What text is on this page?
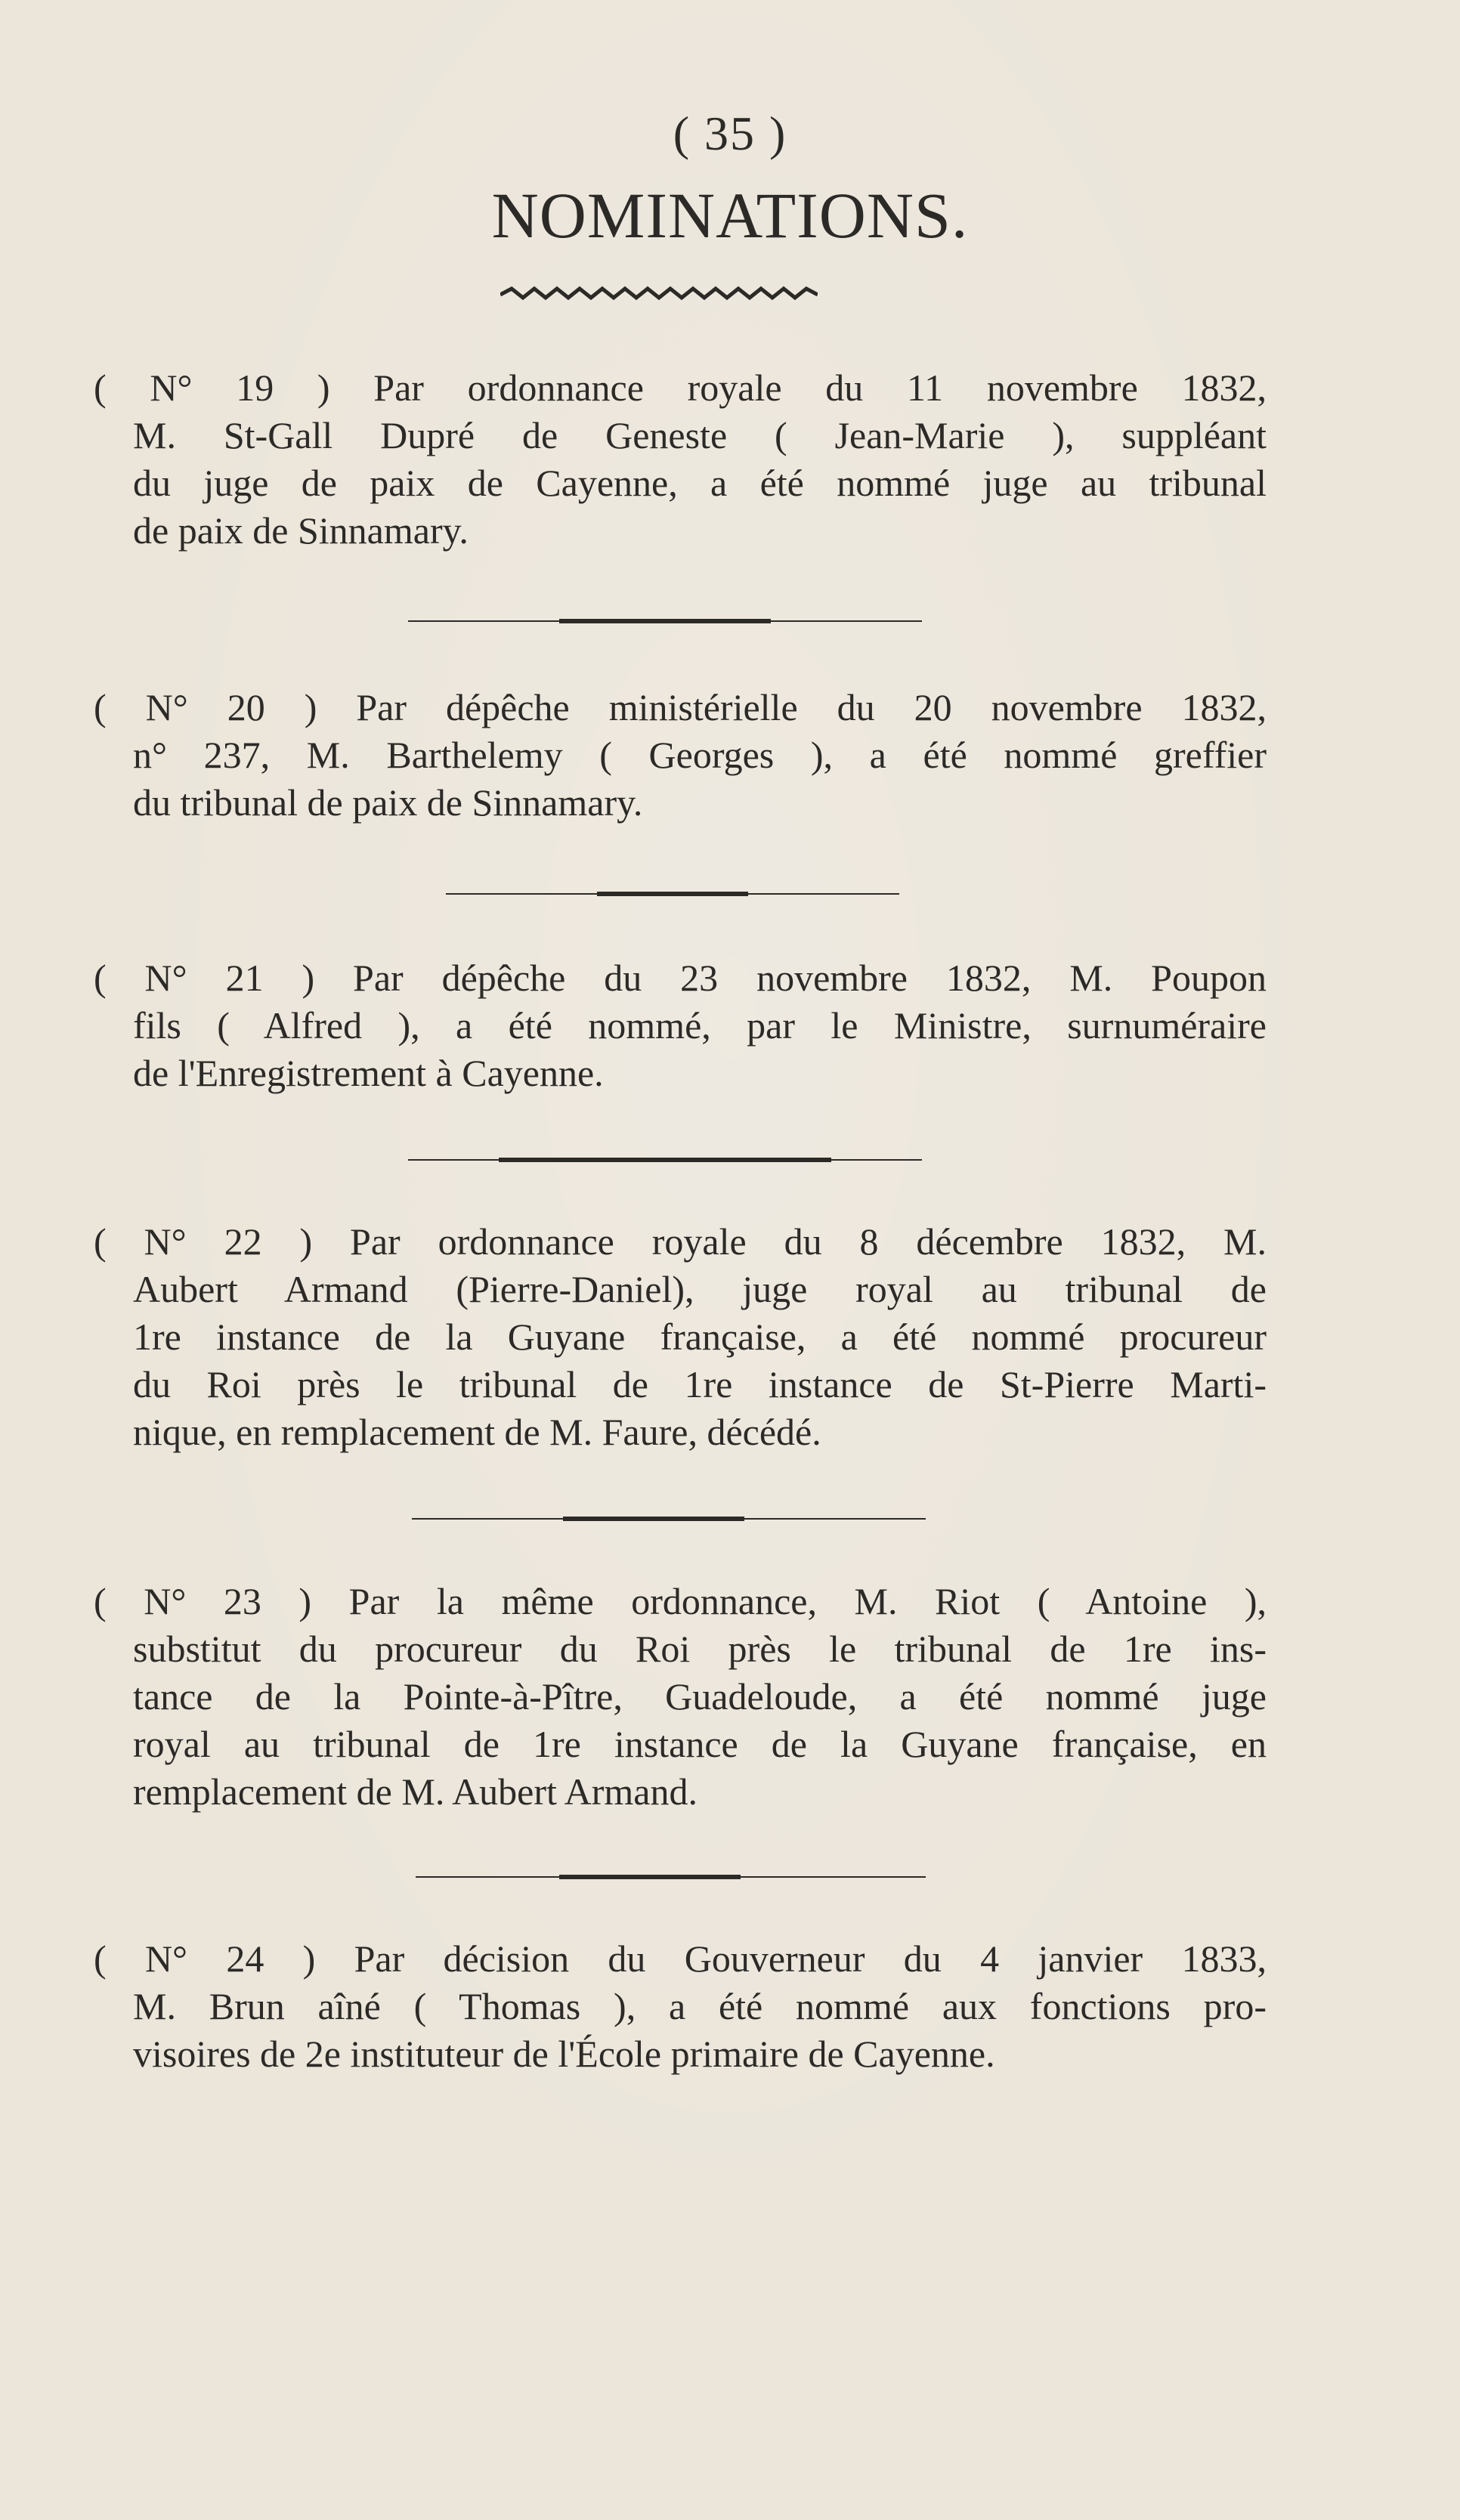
( 35 )
NOMINATIONS.
( N° 19 ) Par ordonnance royale du 11 novembre 1832,
M. St-Gall Dupré de Geneste ( Jean-Marie ), suppléant
du juge de paix de Cayenne, a été nommé juge au tribunal
de paix de Sinnamary.
( N° 20 ) Par dépêche ministérielle du 20 novembre 1832,
n° 237, M. Barthelemy ( Georges ), a été nommé greffier
du tribunal de paix de Sinnamary.
( N° 21 ) Par dépêche du 23 novembre 1832, M. Poupon
fils ( Alfred ), a été nommé, par le Ministre, surnuméraire
de l'Enregistrement à Cayenne.
( N° 22 ) Par ordonnance royale du 8 décembre 1832, M.
Aubert Armand (Pierre-Daniel), juge royal au tribunal de
1re instance de la Guyane française, a été nommé procureur
du Roi près le tribunal de 1re instance de St-Pierre Marti-
nique, en remplacement de M. Faure, décédé.
( N° 23 ) Par la même ordonnance, M. Riot ( Antoine ),
substitut du procureur du Roi près le tribunal de 1re ins-
tance de la Pointe-à-Pître, Guadeloude, a été nommé juge
royal au tribunal de 1re instance de la Guyane française, en
remplacement de M. Aubert Armand.
( N° 24 ) Par décision du Gouverneur du 4 janvier 1833,
M. Brun aîné ( Thomas ), a été nommé aux fonctions pro-
visoires de 2e instituteur de l'École primaire de Cayenne.
